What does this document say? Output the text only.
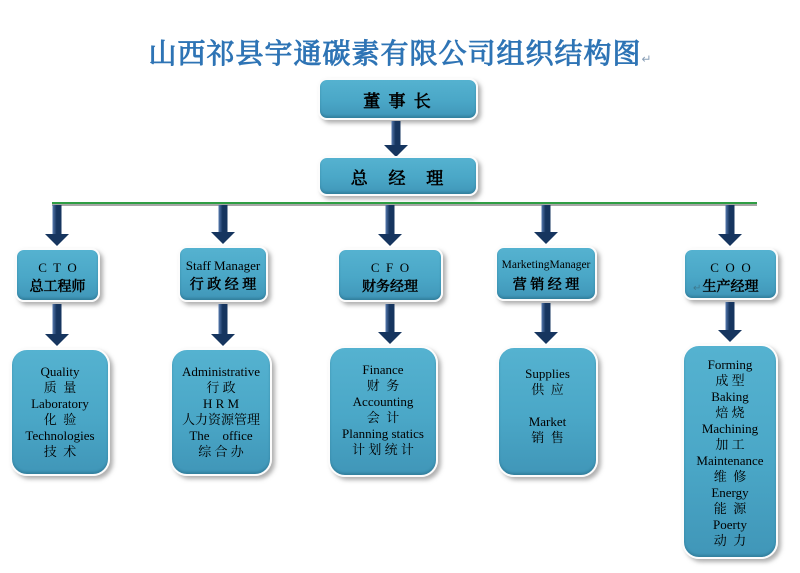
山西祁县宇通碳素有限公司组织结构图↵
董 事 长
总   经   理
C  T  O
总工程师
Staff Manager
行 政 经 理
C  F  O
财务经理
MarketingManager
营 销 经 理
C  O  O
生产经理
↵
Quality
质  量
Laboratory
化  验
Technologies
技  术
Administrative
行 政
H R M
人力资源管理
The    office
综 合 办
Finance
财  务
Accounting
会  计
Planning statics
计 划 统 计
Supplies
供  应
Market
销  售
Forming
成 型
Baking
焙 烧
Machining
加 工
Maintenance
维  修
Energy
能  源
Poerty
动  力
